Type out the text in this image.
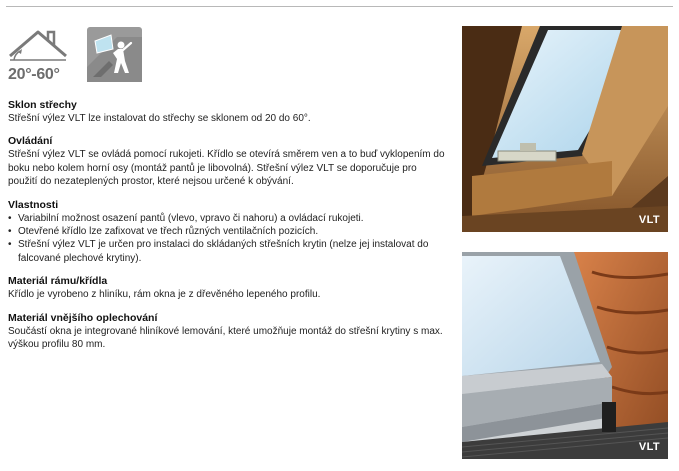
20°-60°
Sklon střechy
Střešní výlez VLT lze instalovat do střechy se sklonem od 20 do 60°.
Ovládání
Střešní výlez VLT se ovládá pomocí rukojeti. Křídlo se otevírá směrem ven a to buď vyklopením do boku nebo kolem horní osy (montáž pantů je libovolná). Střešní výlez VLT se doporučuje pro použití do nezateplených prostor, které nejsou určené k obývání.
Vlastnosti
• Variabilní možnost osazení pantů (vlevo, vpravo či nahoru) a ovládací rukojeti.
• Otevřené křídlo lze zafixovat ve třech různých ventilačních pozicích.
• Střešní výlez VLT je určen pro instalaci do skládaných střešních krytin (nelze jej instalovat do falcované plechové krytiny).
Materiál rámu/křídla
Křídlo je vyrobeno z hliníku, rám okna je z dřevěného lepeného profilu.
Materiál vnějšího oplechování
Součástí okna je integrované hliníkové lemování, které umožňuje montáž do střešní krytiny s max. výškou profilu 80 mm.
VLT
VLT
